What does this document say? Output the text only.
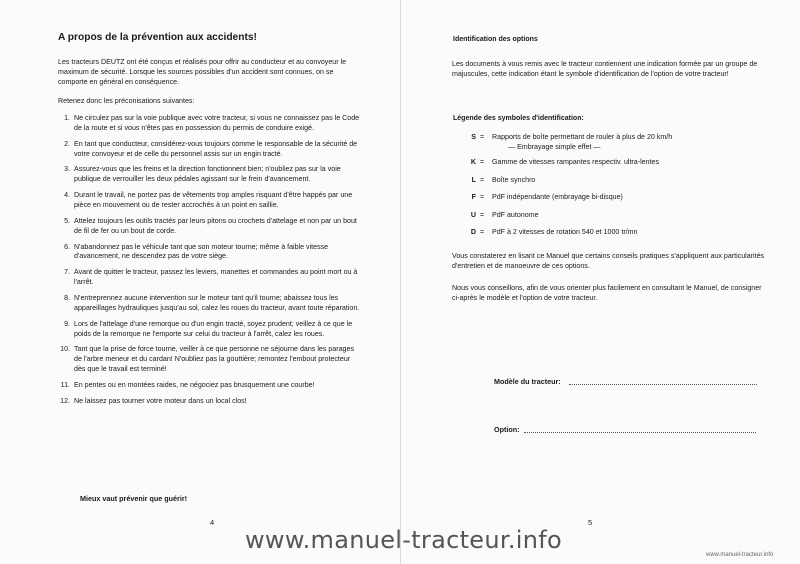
A propos de la prévention aux accidents!
Les tracteurs DEUTZ ont été conçus et réalisés pour offrir au conducteur et au convoyeur le maximum de sécurité. Lorsque les sources possibles d'un accident sont connues, on se comporte en général en conséquence.
Retenez donc les préconisations suivantes:
1. Ne circulez pas sur la voie publique avec votre tracteur, si vous ne connaissez pas le Code de la route et si vous n'êtes pas en possession du permis de conduire exigé.
2. En tant que conducteur, considérez-vous toujours comme le responsable de la sécurité de votre convoyeur et de celle du personnel assis sur un engin tracté.
3. Assurez-vous que les freins et la direction fonctionnent bien; n'oubliez pas sur la voie publique de verrouiller les deux pédales agissant sur le frein d'avancement.
4. Durant le travail, ne portez pas de vêtements trop amples risquant d'être happés par une pièce en mouvement ou de rester accrochés à un point en saillie.
5. Attelez toujours les outils tractés par leurs pitons ou crochets d'attelage et non par un bout de fil de fer ou un bout de corde.
6. N'abandonnez pas le véhicule tant que son moteur tourne; même à faible vitesse d'avancement, ne descendez pas de votre siège.
7. Avant de quitter le tracteur, passez les leviers, manettes et commandes au point mort ou à l'arrêt.
8. N'entreprennez aucune intervention sur le moteur tant qu'il tourne; abaissez tous les appareillages hydrauliques jusqu'au sol, calez les roues du tracteur, avant toute réparation.
9. Lors de l'attelage d'une remorque ou d'un engin tracté, soyez prudent; veillez à ce que le poids de la remorque ne l'emporte sur celui du tracteur à l'arrêt, calez les roues.
10. Tant que la prise de force tourne, veiller à ce que personne ne séjourne dans les parages de l'arbre meneur et du cardan! N'oubliez pas la gouttière; remontez l'embout protecteur dès que le travail est terminé!
11. En pentes ou en montées raides, ne négociez pas brusquement une courbe!
12. Ne laissez pas tourner votre moteur dans un local clos!
Mieux vaut prévenir que guérir!
4
Identification des options
Les documents à vous remis avec le tracteur contiennent une indication formée par un groupe de majuscules, cette indication étant le symbole d'identification de l'option de votre tracteur!
Légende des symboles d'identification:
S = Rapports de boîte permettant de rouler à plus de 20 km/h
— Embrayage simple effet —
K = Gamme de vitesses rampantes respectiv. ultra-lentes
L = Boîte synchro
F = PdF indépendante (embrayage bi-disque)
U = PdF autonome
D = PdF à 2 vitesses de rotation 540 et 1000 tr/mn
Vous constaterez en lisant ce Manuel que certains conseils pratiques s'appliquent aux particularités d'entretien et de manoeuvre de ces options.
Nous vous conseillons, afin de vous orienter plus facilement en consultant le Manuel, de consigner ci-après le modèle et l'option de votre tracteur.
Modèle du tracteur:
Option:
5
www.manuel-tracteur.info
www.manuel-tracteur.info
